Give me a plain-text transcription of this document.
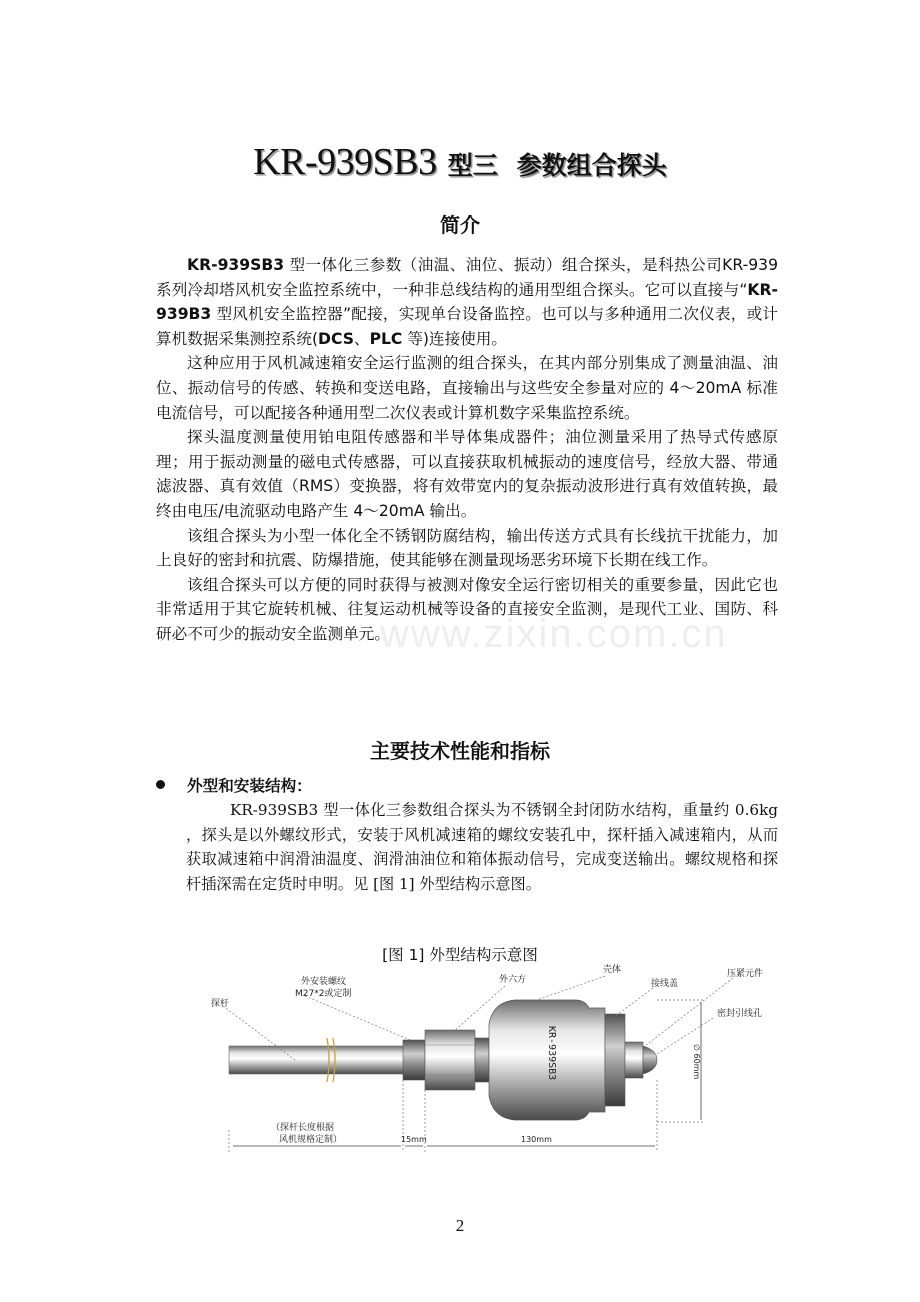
KR-939SB3 型三 参数组合探头
简介

KR-939SB3 型一体化三参数（油温、油位、振动）组合探头，是科热公司KR-939 系列冷却塔风机安全监控系统中，一种非总线结构的通用型组合探头。它可以直接与“KR-939B3 型风机安全监控器”配接，实现单台设备监控。也可以与多种通用二次仪表，或计算机数据采集测控系统(DCS、PLC 等)连接使用。

这种应用于风机减速箱安全运行监测的组合探头，在其内部分别集成了测量油温、油位、振动信号的传感、转换和变送电路，直接输出与这些安全参量对应的 4～20mA 标准电流信号，可以配接各种通用型二次仪表或计算机数字采集监控系统。

探头温度测量使用铂电阻传感器和半导体集成器件；油位测量采用了热导式传感原理；用于振动测量的磁电式传感器，可以直接获取机械振动的速度信号，经放大器、带通滤波器、真有效值（RMS）变换器，将有效带宽内的复杂振动波形进行真有效值转换，最终由电压/电流驱动电路产生 4～20mA 输出。

该组合探头为小型一体化全不锈钢防腐结构，输出传送方式具有长线抗干扰能力，加上良好的密封和抗震、防爆措施，使其能够在测量现场恶劣环境下长期在线工作。

该组合探头可以方便的同时获得与被测对像安全运行密切相关的重要参量，因此它也非常适用于其它旋转机械、往复运动机械等设备的直接安全监测，是现代工业、国防、科研必不可少的振动安全监测单元。

www.zixin.com.cn
主要技术性能和指标
外型和安装结构：

KR-939SB3 型一体化三参数组合探头为不锈钢全封闭防水结构，重量约 0.6kg ，探头是以外螺纹形式，安装于风机减速箱的螺纹安装孔中，探杆插入减速箱内，从而获取减速箱中润滑油温度、润滑油油位和箱体振动信号，完成变送输出。螺纹规格和探杆插深需在定货时申明。见 [图 1] 外型结构示意图。

[图 1] 外型结构示意图
KR-939SB3
探杆
外安装螺纹
M27*2或定制
外六方
壳体
接线盖
压紧元件
密封引线孔
（探杆长度根据
风机规格定制）	15mm	130mm
∅ 60mm
2
